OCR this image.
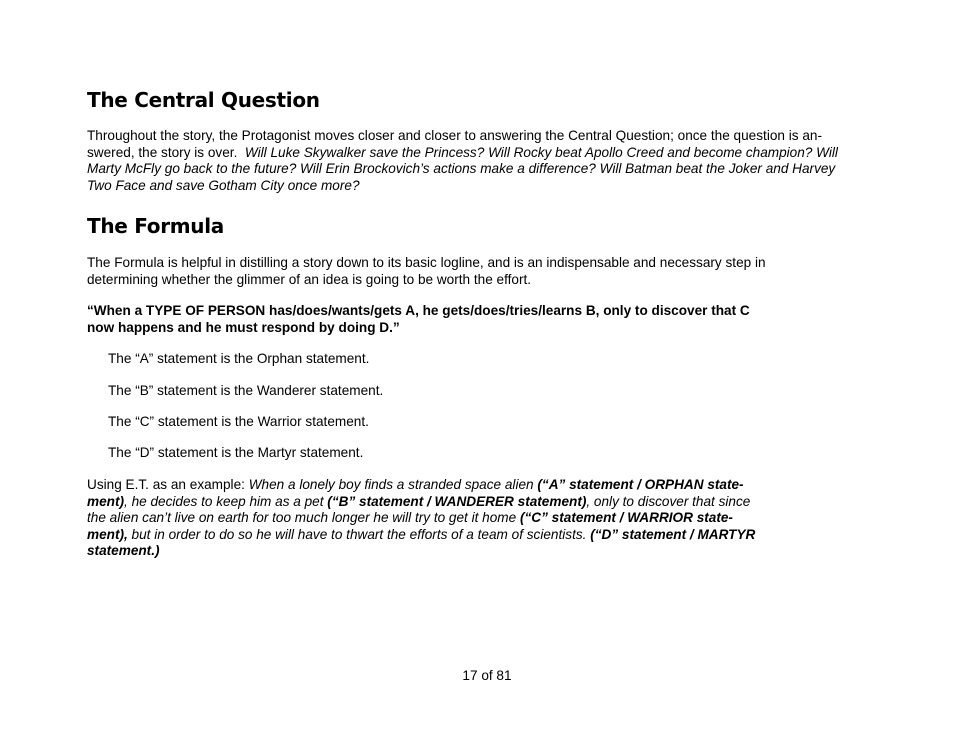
The Central Question
Throughout the story, the Protagonist moves closer and closer to answering the Central Question; once the question is an-
swered, the story is over. Will Luke Skywalker save the Princess? Will Rocky beat Apollo Creed and become champion? Will
Marty McFly go back to the future? Will Erin Brockovich’s actions make a difference? Will Batman beat the Joker and Harvey
Two Face and save Gotham City once more?
The Formula
The Formula is helpful in distilling a story down to its basic logline, and is an indispensable and necessary step in
determining whether the glimmer of an idea is going to be worth the effort.
“When a TYPE OF PERSON has/does/wants/gets A, he gets/does/tries/learns B, only to discover that C
now happens and he must respond by doing D.”
The “A” statement is the Orphan statement.
The “B” statement is the Wanderer statement.
The “C” statement is the Warrior statement.
The “D” statement is the Martyr statement.
Using E.T. as an example: When a lonely boy finds a stranded space alien (“A” statement / ORPHAN state-
ment), he decides to keep him as a pet (“B” statement / WANDERER statement), only to discover that since
the alien can’t live on earth for too much longer he will try to get it home (“C” statement / WARRIOR state-
ment), but in order to do so he will have to thwart the efforts of a team of scientists. (“D” statement / MARTYR
statement.)
17 of 81
